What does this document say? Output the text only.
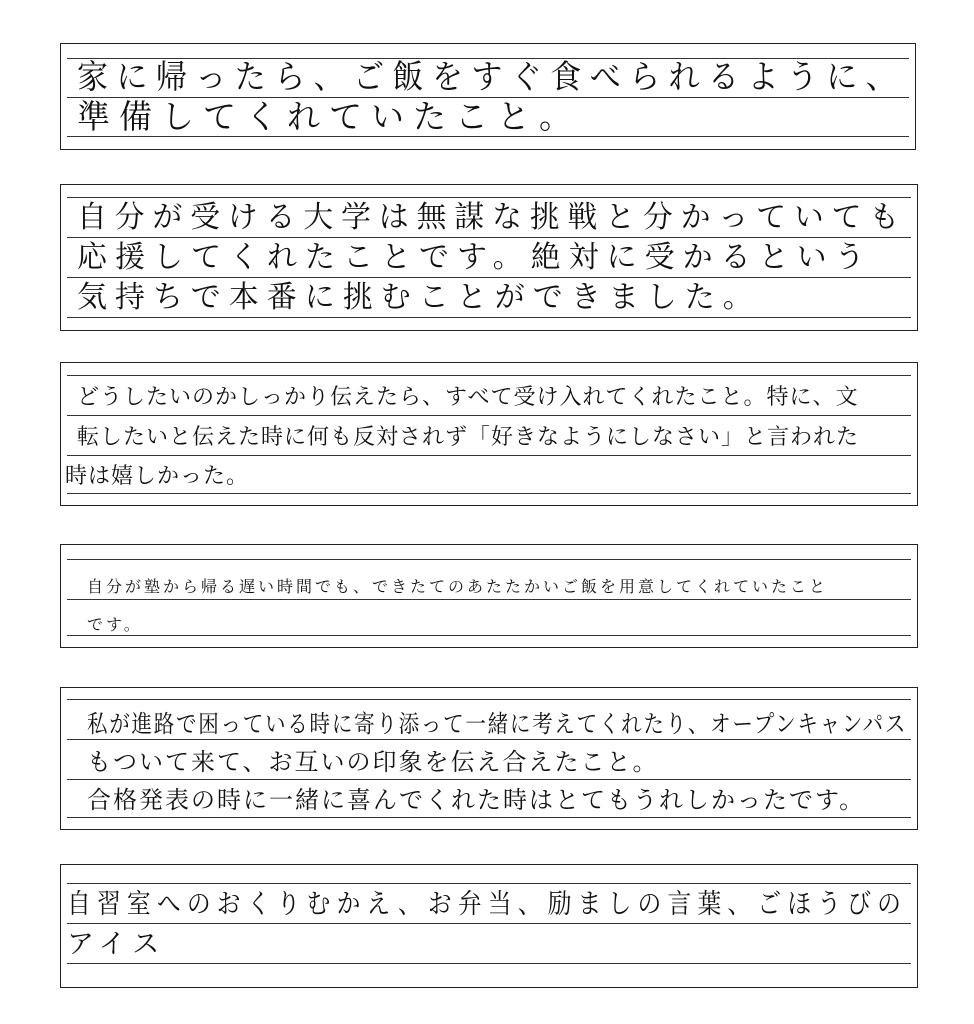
家に帰ったら、ご飯をすぐ食べられるように、
準備してくれていたこと。
自分が受ける大学は無謀な挑戦と分かっていても
応援してくれたことです。絶対に受かるという
気持ちで本番に挑むことができました。
どうしたいのかしっかり伝えたら、すべて受け入れてくれたこと。特に、文
転したいと伝えた時に何も反対されず「好きなようにしなさい」と言われた
時は嬉しかった。
自分が塾から帰る遅い時間でも、できたてのあたたかいご飯を用意してくれていたこと
です。
私が進路で困っている時に寄り添って一緒に考えてくれたり、オープンキャンパス
もついて来て、お互いの印象を伝え合えたこと。
合格発表の時に一緒に喜んでくれた時はとてもうれしかったです。
自習室へのおくりむかえ、お弁当、励ましの言葉、ごほうびの
アイス
